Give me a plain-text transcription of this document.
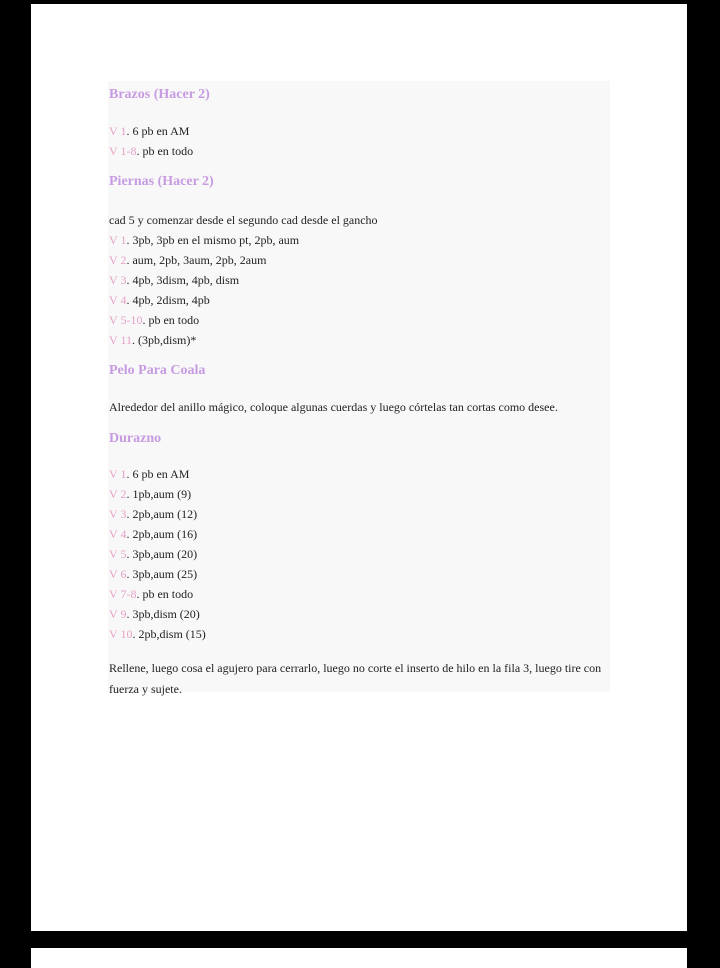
Brazos (Hacer 2)
V 1. 6 pb en AM
V 1-8. pb en todo
Piernas (Hacer 2)
cad 5 y comenzar desde el segundo cad desde el gancho
V 1. 3pb, 3pb en el mismo pt, 2pb, aum
V 2. aum, 2pb, 3aum, 2pb, 2aum
V 3. 4pb, 3dism, 4pb, dism
V 4. 4pb, 2dism, 4pb
V 5-10. pb en todo
V 11. (3pb,dism)*
Pelo Para Coala
Alrededor del anillo mágico, coloque algunas cuerdas y luego córtelas tan cortas como desee.
Durazno
V 1. 6 pb en AM
V 2. 1pb,aum (9)
V 3. 2pb,aum (12)
V 4. 2pb,aum (16)
V 5. 3pb,aum (20)
V 6. 3pb,aum (25)
V 7-8. pb en todo
V 9. 3pb,dism (20)
V 10. 2pb,dism (15)
Rellene, luego cosa el agujero para cerrarlo, luego no corte el inserto de hilo en la fila 3, luego tire con fuerza y sujete.
